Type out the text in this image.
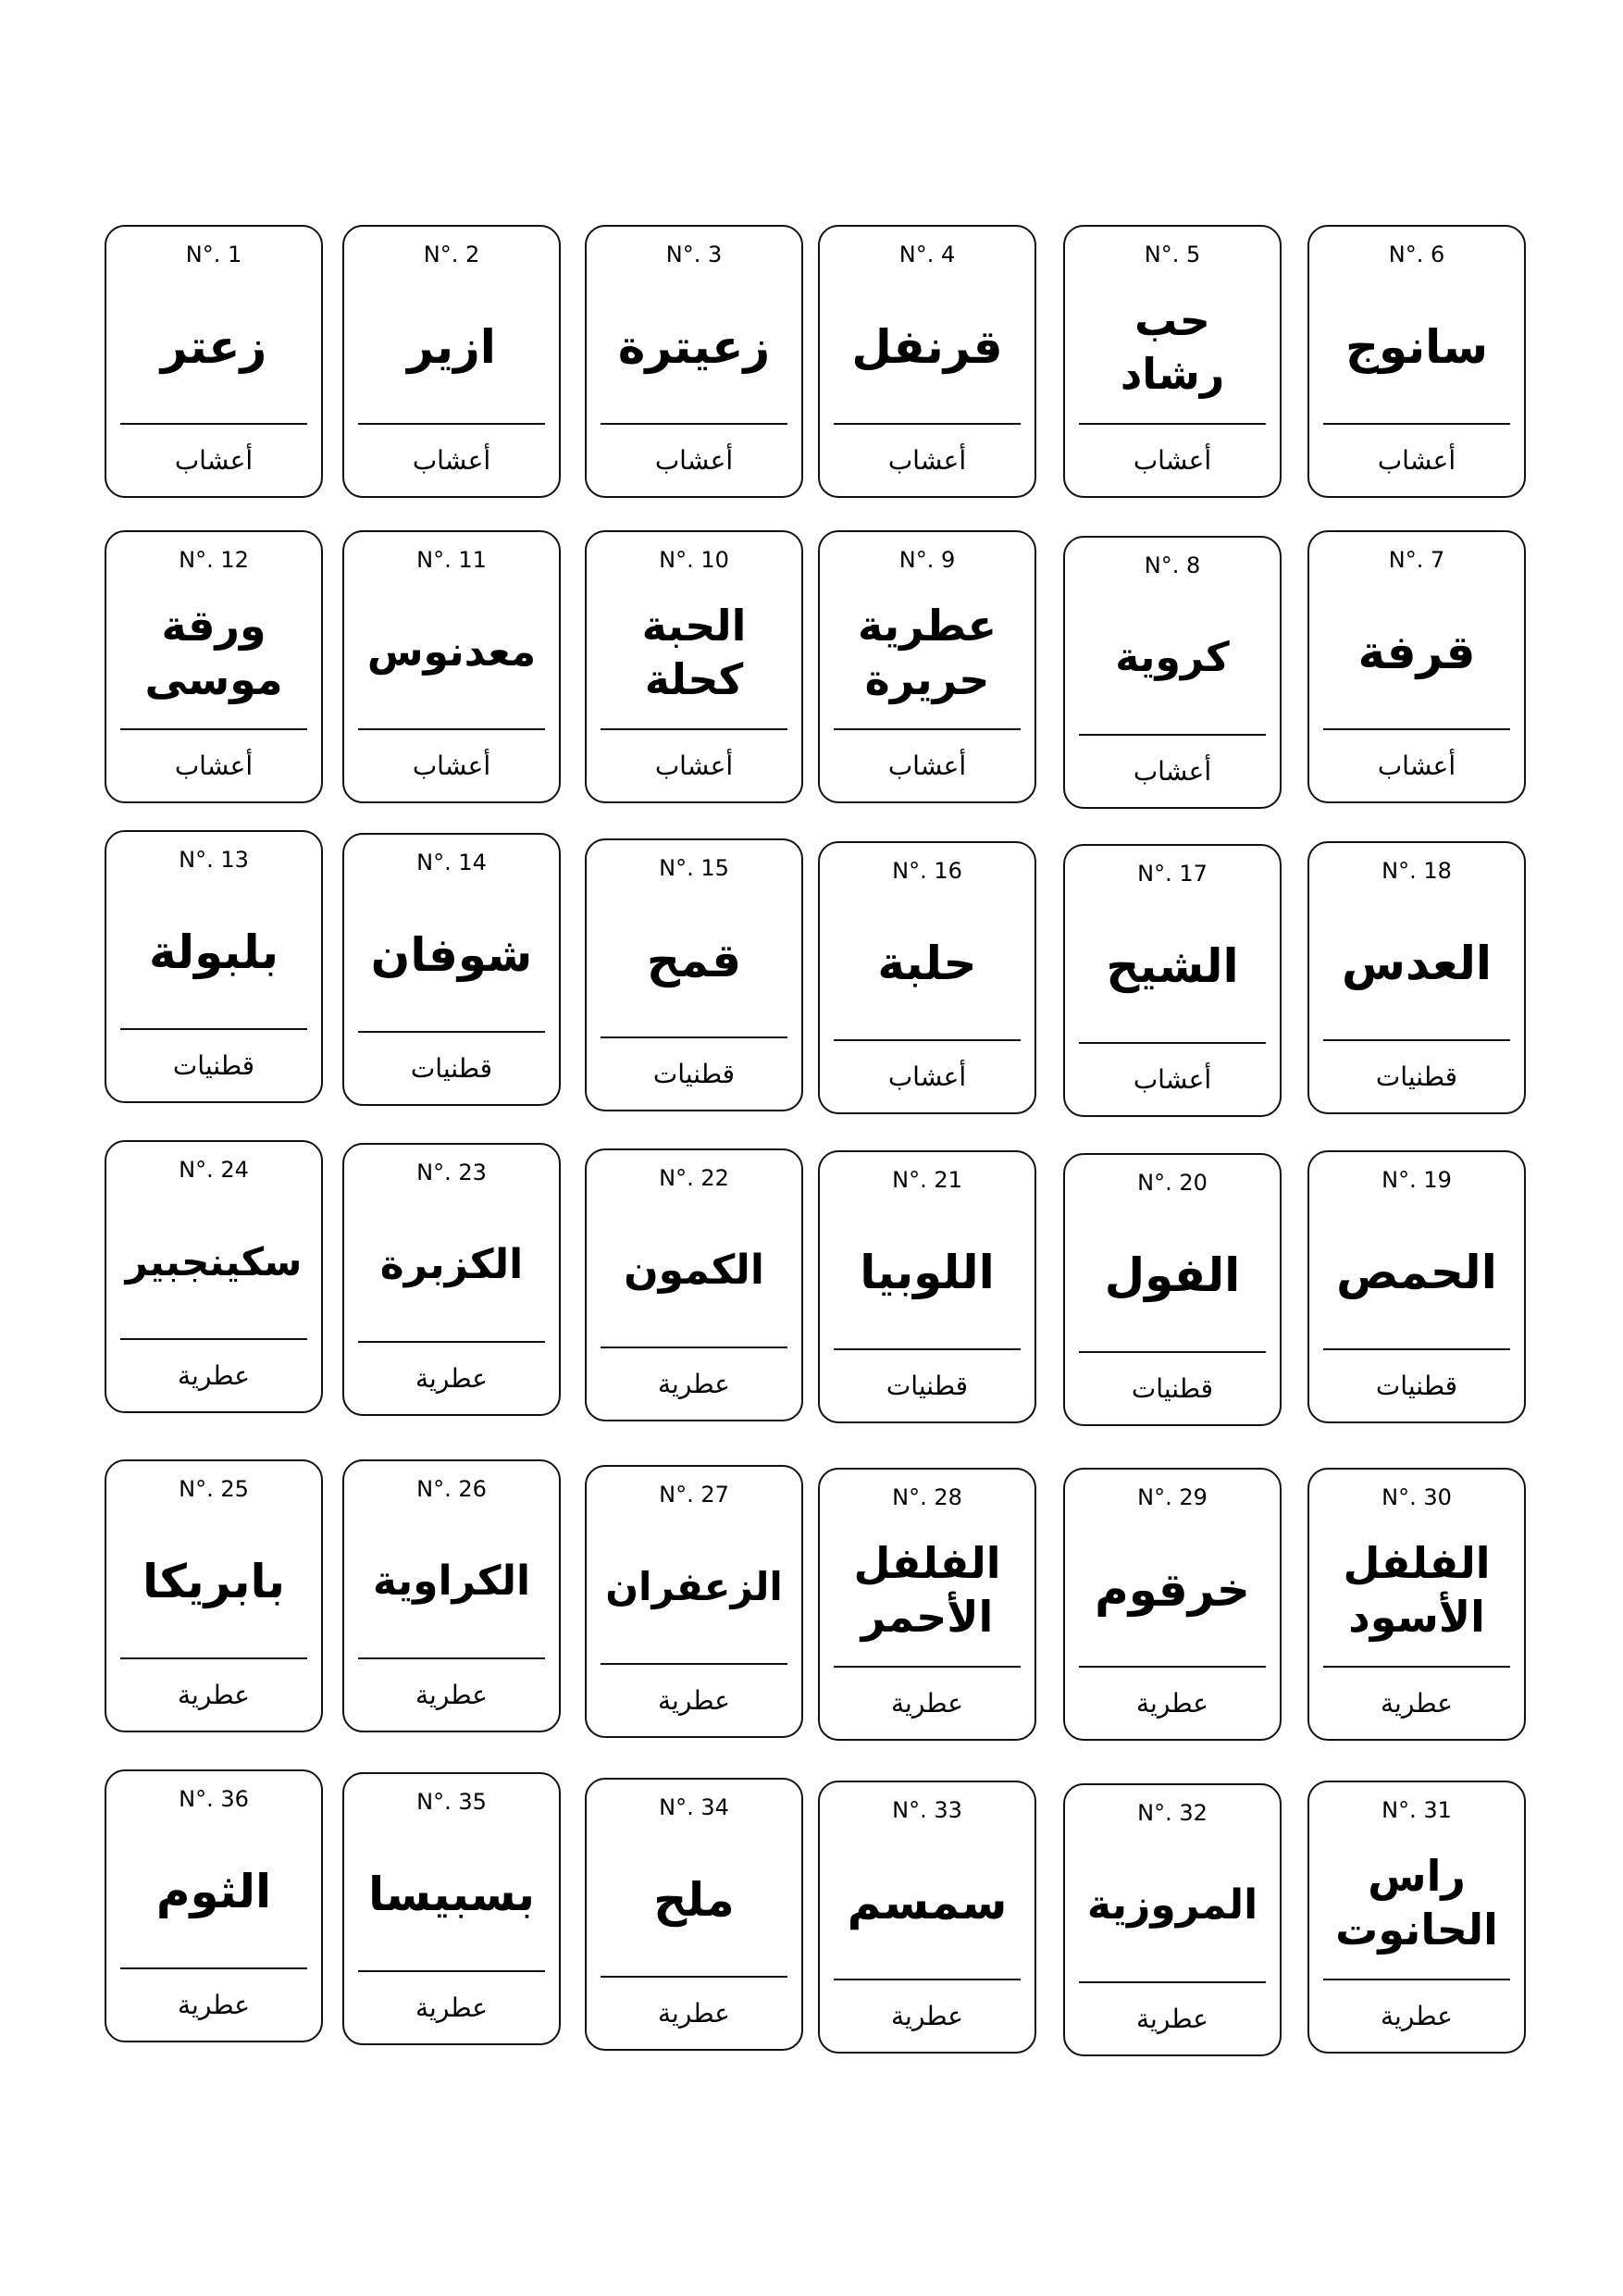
N°. 1
زعتر
أعشاب
N°. 2
ازير
أعشاب
N°. 3
زعيترة
أعشاب
N°. 4
قرنفل
أعشاب
N°. 5
حب
رشاد
أعشاب
N°. 6
سانوج
أعشاب
N°. 12
ورقة
موسى
أعشاب
N°. 11
معدنوس
أعشاب
N°. 10
الحبة
كحلة
أعشاب
N°. 9
عطرية
حريرة
أعشاب
N°. 8
كروية
أعشاب
N°. 7
قرفة
أعشاب
N°. 13
بلبولة
قطنيات
N°. 14
شوفان
قطنيات
N°. 15
قمح
قطنيات
N°. 16
حلبة
أعشاب
N°. 17
الشيح
أعشاب
N°. 18
العدس
قطنيات
N°. 24
سكينجبير
عطرية
N°. 23
الكزبرة
عطرية
N°. 22
الكمون
عطرية
N°. 21
اللوبيا
قطنيات
N°. 20
الفول
قطنيات
N°. 19
الحمص
قطنيات
N°. 25
بابريكا
عطرية
N°. 26
الكراوية
عطرية
N°. 27
الزعفران
عطرية
N°. 28
الفلفل
الأحمر
عطرية
N°. 29
خرقوم
عطرية
N°. 30
الفلفل
الأسود
عطرية
N°. 36
الثوم
عطرية
N°. 35
بسبيسا
عطرية
N°. 34
ملح
عطرية
N°. 33
سمسم
عطرية
N°. 32
المروزية
عطرية
N°. 31
راس
الحانوت
عطرية
